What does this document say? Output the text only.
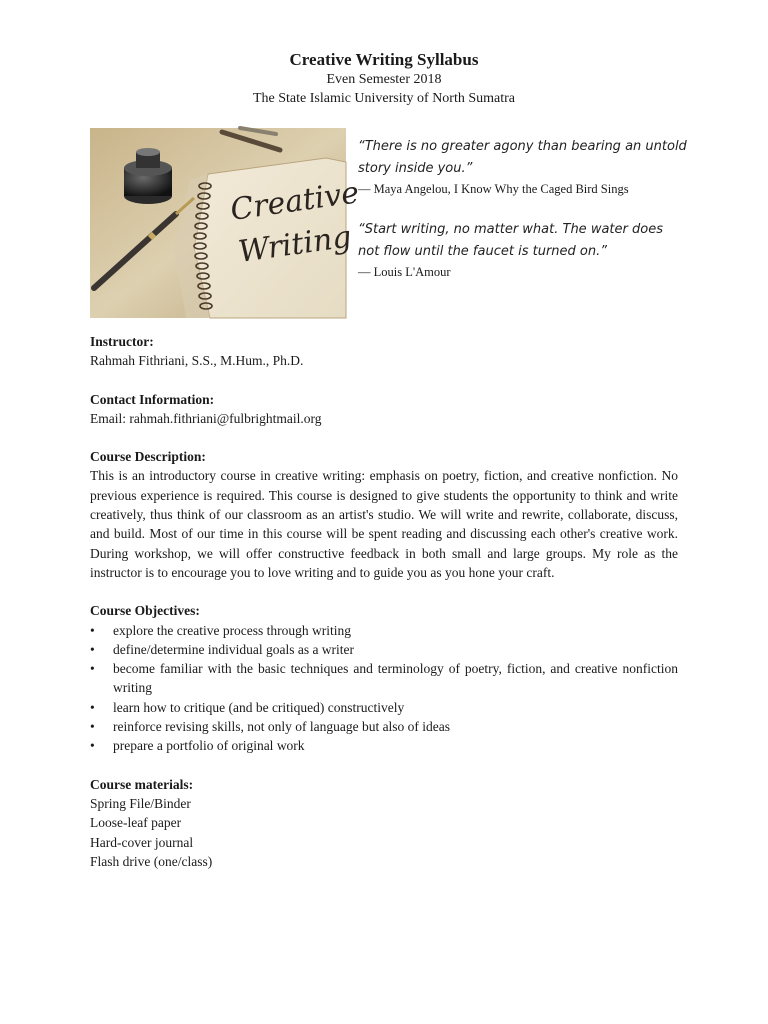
Creative Writing Syllabus
Even Semester 2018
The State Islamic University of North Sumatra
Creative
Writing
“There is no greater agony than bearing an untold story inside you.”
— Maya Angelou, I Know Why the Caged Bird Sings
“Start writing, no matter what. The water does not flow until the faucet is turned on.”
— Louis L'Amour
Instructor:
Rahmah Fithriani, S.S., M.Hum., Ph.D.
Contact Information:
Email: rahmah.fithriani@fulbrightmail.org
Course Description:
This is an introductory course in creative writing: emphasis on poetry, fiction, and creative nonfiction. No previous experience is required. This course is designed to give students the opportunity to think and write creatively, thus think of our classroom as an artist's studio. We will write and rewrite, collaborate, discuss, and build. Most of our time in this course will be spent reading and discussing each other's creative work. During workshop, we will offer constructive feedback in both small and large groups. My role as the instructor is to encourage you to love writing and to guide you as you hone your craft.
Course Objectives:
• explore the creative process through writing
• define/determine individual goals as a writer
• become familiar with the basic techniques and terminology of poetry, fiction, and creative nonfiction writing
• learn how to critique (and be critiqued) constructively
• reinforce revising skills, not only of language but also of ideas
• prepare a portfolio of original work
Course materials:
Spring File/Binder
Loose-leaf paper
Hard-cover journal
Flash drive (one/class)
